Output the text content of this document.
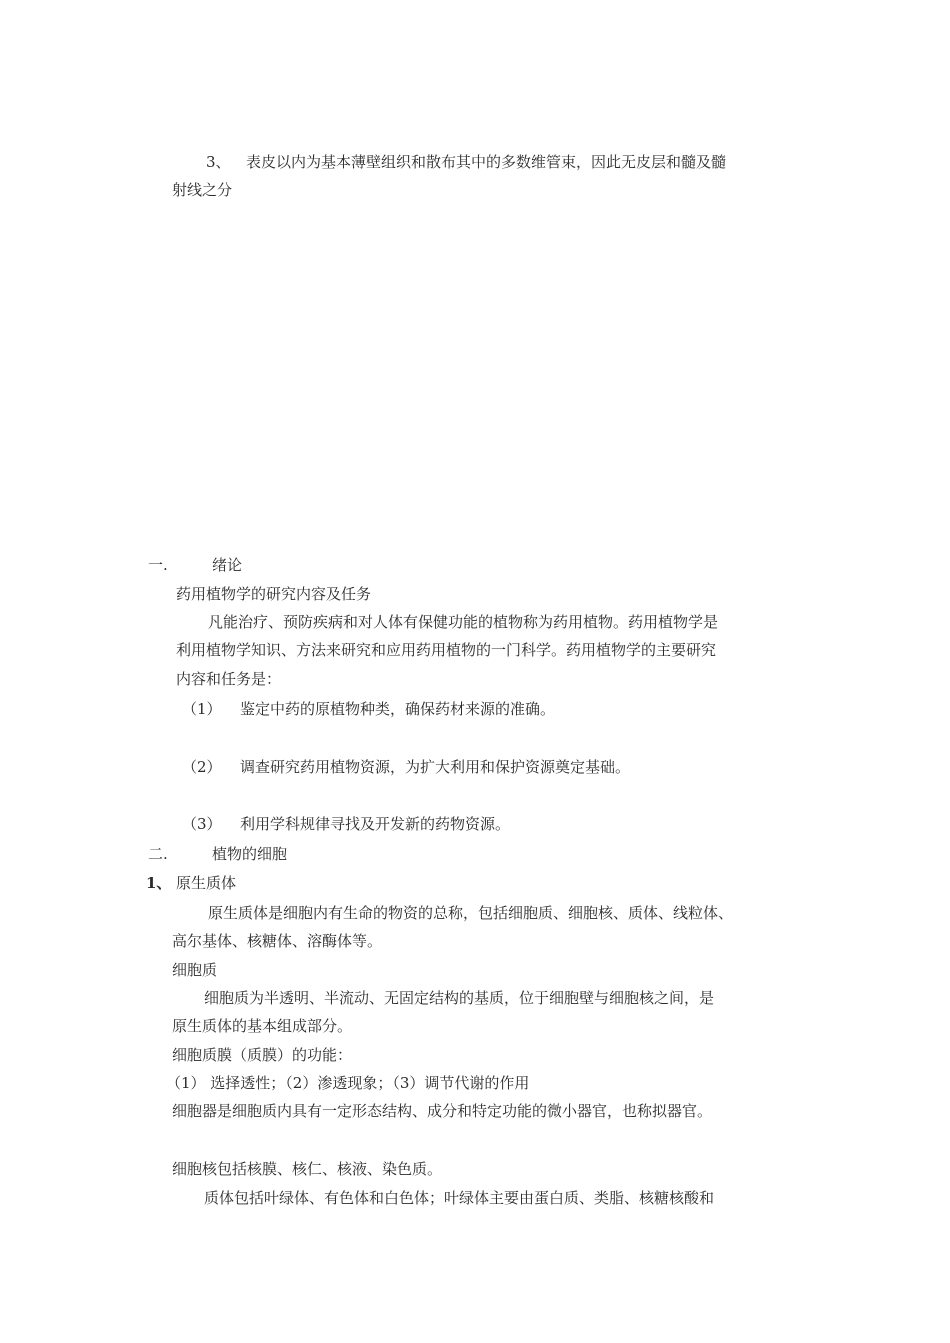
3、 表皮以内为基本薄壁组织和散布其中的多数维管束，因此无皮层和髓及髓
射线之分
一.	绪论
药用植物学的研究内容及任务
凡能治疗、预防疾病和对人体有保健功能的植物称为药用植物。药用植物学是
利用植物学知识、方法来研究和应用药用植物的一门科学。药用植物学的主要研究
内容和任务是：
（1） 鉴定中药的原植物种类，确保药材来源的准确。
（2） 调查研究药用植物资源，为扩大利用和保护资源奠定基础。
（3） 利用学科规律寻找及开发新的药物资源。
二.	植物的细胞
1、 原生质体
原生质体是细胞内有生命的物资的总称，包括细胞质、细胞核、质体、线粒体、
高尔基体、核糖体、溶酶体等。
细胞质
细胞质为半透明、半流动、无固定结构的基质，位于细胞壁与细胞核之间，是
原生质体的基本组成部分。
细胞质膜（质膜）的功能：
（1） 选择透性；（2）渗透现象；（3）调节代谢的作用
细胞器是细胞质内具有一定形态结构、成分和特定功能的微小器官，也称拟器官。
细胞核包括核膜、核仁、核液、染色质。
质体包括叶绿体、有色体和白色体；叶绿体主要由蛋白质、类脂、核糖核酸和
